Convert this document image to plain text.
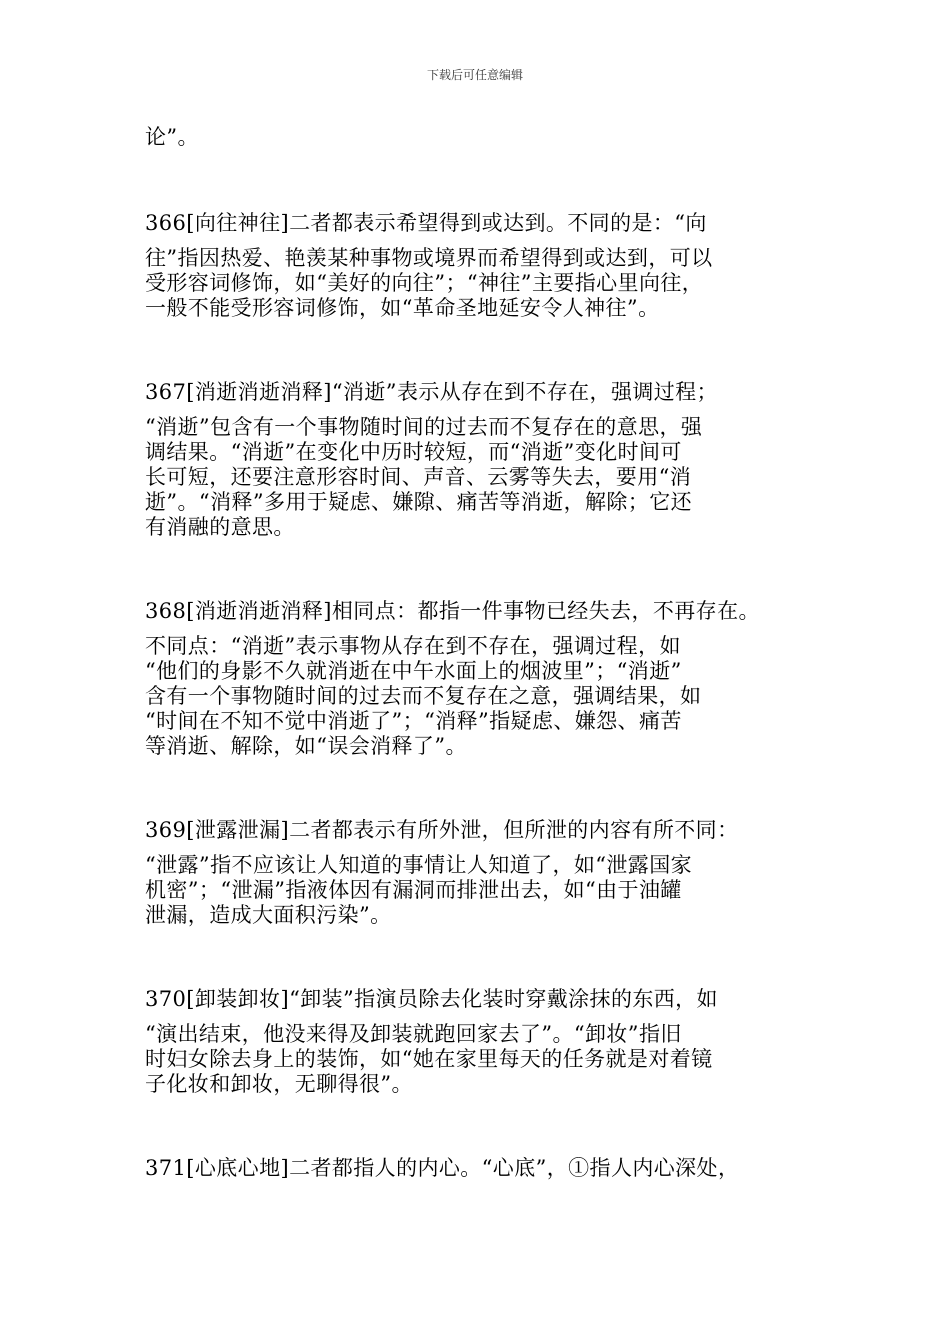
下载后可任意编辑
论”。
366[向往神往]二者都表示希望得到或达到。不同的是：“向
往”指因热爱、艳羡某种事物或境界而希望得到或达到，可以
受形容词修饰，如“美好的向往”；“神往”主要指心里向往，
一般不能受形容词修饰，如“革命圣地延安令人神往”。
367[消逝消逝消释]“消逝”表示从存在到不存在，强调过程；
“消逝”包含有一个事物随时间的过去而不复存在的意思，强
调结果。“消逝”在变化中历时较短，而“消逝”变化时间可
长可短，还要注意形容时间、声音、云雾等失去，要用“消
逝”。“消释”多用于疑虑、嫌隙、痛苦等消逝，解除；它还
有消融的意思。
368[消逝消逝消释]相同点：都指一件事物已经失去，不再存在。
不同点：“消逝”表示事物从存在到不存在，强调过程，如
“他们的身影不久就消逝在中午水面上的烟波里”；“消逝”
含有一个事物随时间的过去而不复存在之意，强调结果，如
“时间在不知不觉中消逝了”；“消释”指疑虑、嫌怨、痛苦
等消逝、解除，如“误会消释了”。
369[泄露泄漏]二者都表示有所外泄，但所泄的内容有所不同：
“泄露”指不应该让人知道的事情让人知道了，如“泄露国家
机密”；“泄漏”指液体因有漏洞而排泄出去，如“由于油罐
泄漏，造成大面积污染”。
370[卸装卸妆]“卸装”指演员除去化装时穿戴涂抹的东西，如
“演出结束，他没来得及卸装就跑回家去了”。“卸妆”指旧
时妇女除去身上的装饰，如“她在家里每天的任务就是对着镜
子化妆和卸妆，无聊得很”。
371[心底心地]二者都指人的内心。“心底”，①指人内心深处，
